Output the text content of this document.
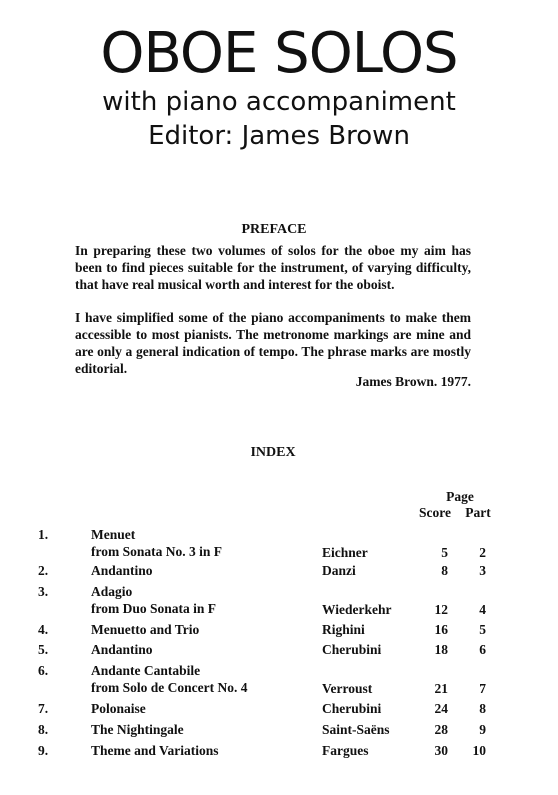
OBOE SOLOS
with piano accompaniment
Editor: James Brown
PREFACE

In preparing these two volumes of solos for the oboe my aim has been to find pieces suitable for the instrument, of varying difficulty, that have real musical worth and interest for the oboist.

I have simplified some of the piano accompaniments to make them accessible to most pianists. The metronome markings are mine and are only a general indication of tempo. The phrase marks are mostly editorial.

James Brown. 1977.
INDEX
Page
Score	Part
1.	Menuet
from Sonata No. 3 in F	Eichner	5	2
2.	Andantino	Danzi	8	3
3.	Adagio
from Duo Sonata in F	Wiederkehr	12	4
4.	Menuetto and Trio	Righini	16	5
5.	Andantino	Cherubini	18	6
6.	Andante Cantabile
from Solo de Concert No. 4	Verroust	21	7
7.	Polonaise	Cherubini	24	8
8.	The Nightingale	Saint-Saëns	28	9
9.	Theme and Variations	Fargues	30	10
